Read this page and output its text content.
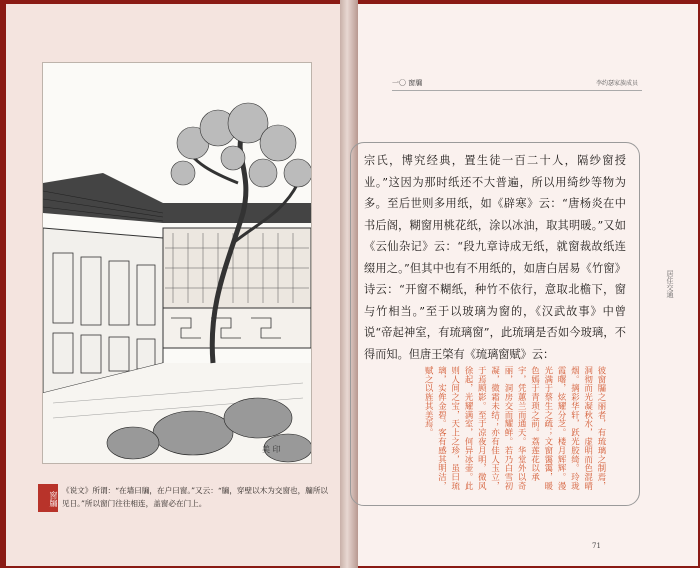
美 印
窗牖
《说文》所谓：“在墙曰牖，在户曰窗。”又云：“牖，穿壁以木为交窗也，牖所以见日。”所以窗门往往相连，盖窗必在门上。
一〇 窗牖	李约瑟家族成员
宗氏，博究经典，置生徒一百二十人，隔纱窗授业。”这因为那时纸还不大普遍，所以用绮纱等物为多。至后世则多用纸，如《辟寒》云：“唐杨炎在中书后阁，糊窗用桃花纸，涂以冰油，取其明暖。”又如《云仙杂记》云：“段九章诗成无纸，就窗裁故纸连缀用之。”但其中也有不用纸的，如唐白居易《竹窗》诗云：“开窗不糊纸，种竹不依行，意取北檐下，窗与竹相当。”至于以玻璃为窗的，《汉武故事》中曾说“帝起神室，有琉璃窗”，此琉璃是否如今玻璃，不得而知。但唐王棨有《琉璃窗赋》云：
居住交通
彼窗牖之丽者，有琉璃之制焉，洞彻而光凝秋水，虚明而色混晴烟。摛彩华轩，跃光胶绮。玲珑霞曙，炫耀分芝。楼月辉辉。漫光满于蔡生之疏；文窗霭霭，暖色嫣于青琐之前。荔莲花以承宇，凭蕙兰而通天。华堂外以奇丽，洞房交而耀鲜。若乃白雪初凝，微霜未结；亦有佳人玉立，于焉顾影。至于凉夜月明，微风徐起，光耀满室，何异冰壶。此则人间之宝，天上之珍，虽曰琉璃，实侔金碧。客有感其明洁，赋之以旌其美焉。
71
